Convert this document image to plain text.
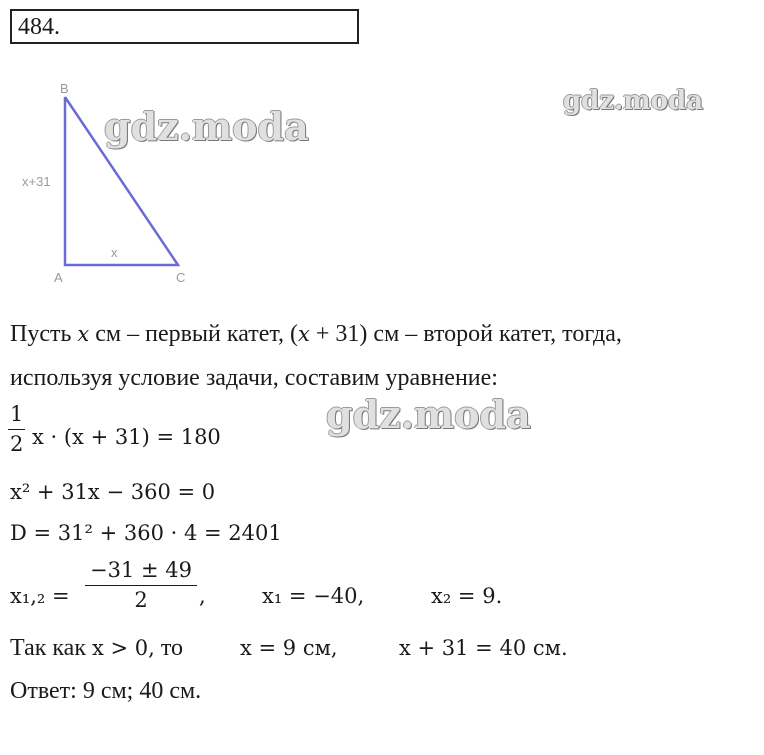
484.
B
A	C
x+31
x
gdz.moda
gdz.moda
gdz.moda
Пусть x см – первый катет, (x + 31) см – второй катет, тогда,
используя условие задачи, составим уравнение:
$\frac{1}{2}$ x · (x + 31) = 180
x² + 31x − 360 = 0
D = 31² + 360 · 4 = 2401
$x_1,_2 = \frac{-31 \pm 49}{2}$ ,	x₁ = −40,	x₂ = 9.
Так как x > 0, то	x = 9 см,	x + 31 = 40 см.
Ответ: 9 см; 40 см.
